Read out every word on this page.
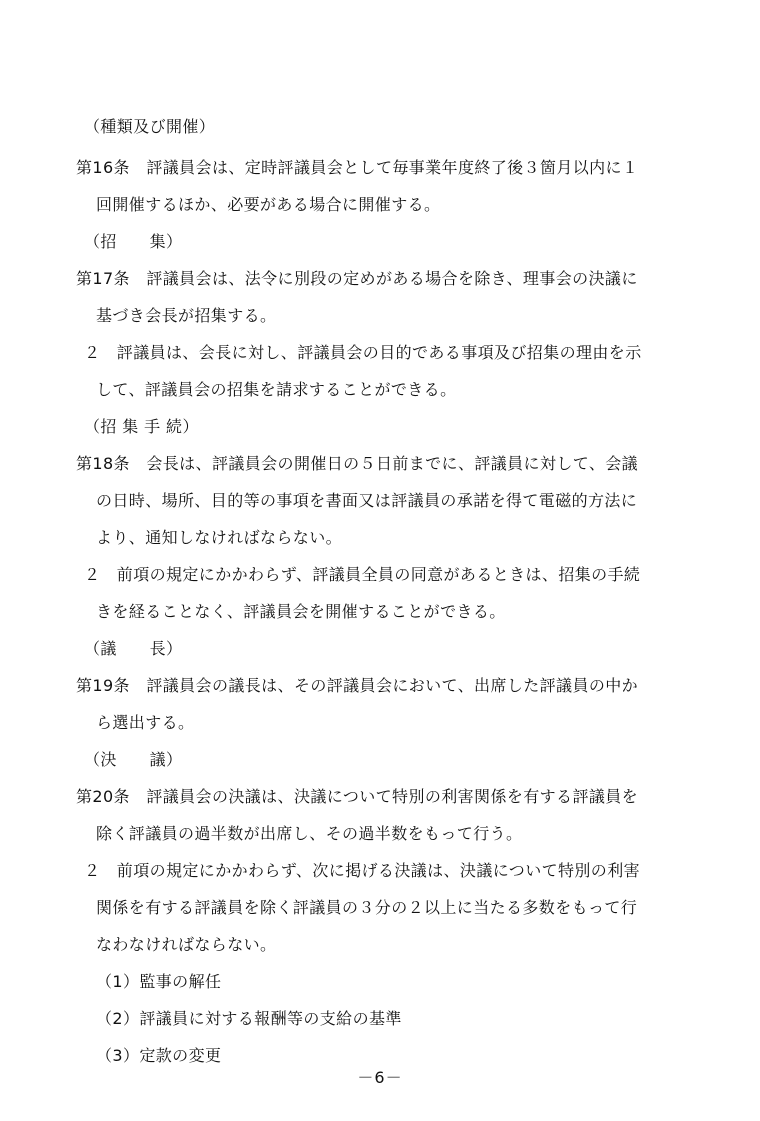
（種類及び開催）
第16条　評議員会は、定時評議員会として毎事業年度終了後３箇月以内に１
回開催するほか、必要がある場合に開催する。
（招　　集）
第17条　評議員会は、法令に別段の定めがある場合を除き、理事会の決議に
基づき会長が招集する。
２　評議員は、会長に対し、評議員会の目的である事項及び招集の理由を示
して、評議員会の招集を請求することができる。
（招 集 手 続）
第18条　会長は、評議員会の開催日の５日前までに、評議員に対して、会議
の日時、場所、目的等の事項を書面又は評議員の承諾を得て電磁的方法に
より、通知しなければならない。
２　前項の規定にかかわらず、評議員全員の同意があるときは、招集の手続
きを経ることなく、評議員会を開催することができる。
（議　　長）
第19条　評議員会の議長は、その評議員会において、出席した評議員の中か
ら選出する。
（決　　議）
第20条　評議員会の決議は、決議について特別の利害関係を有する評議員を
除く評議員の過半数が出席し、その過半数をもって行う。
２　前項の規定にかかわらず、次に掲げる決議は、決議について特別の利害
関係を有する評議員を除く評議員の３分の２以上に当たる多数をもって行
なわなければならない。
（1）監事の解任
（2）評議員に対する報酬等の支給の基準
（3）定款の変更
－6－
